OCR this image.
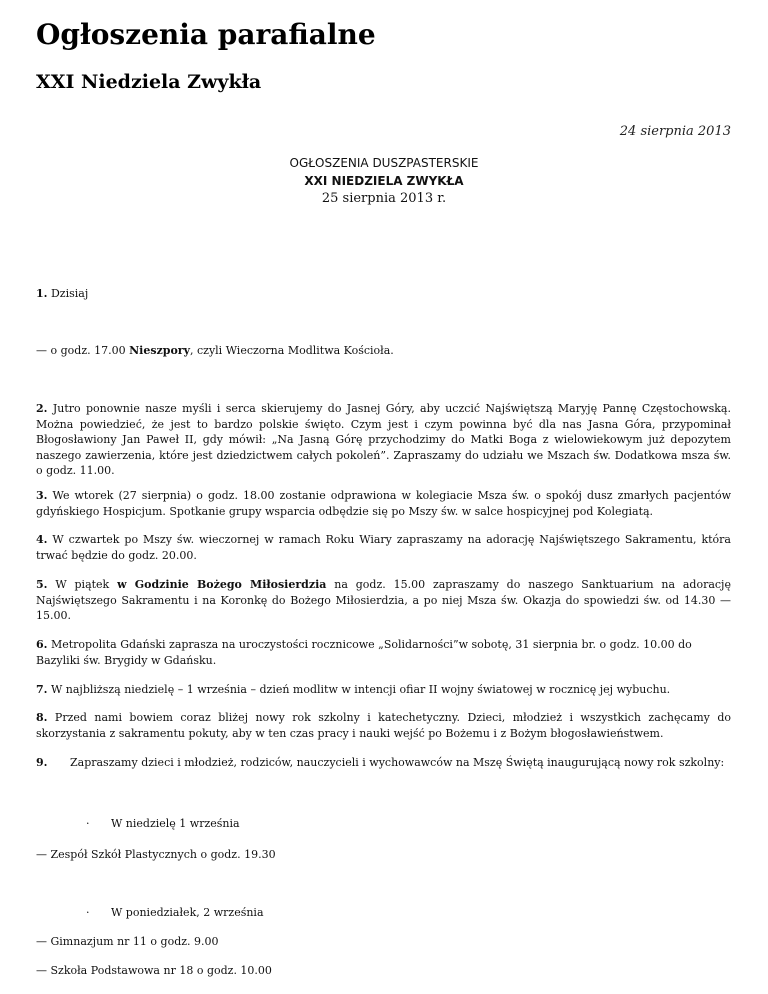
Ogłoszenia parafialne
XXI Niedziela Zwykła
24 sierpnia 2013
OGŁOSZENIA DUSZPASTERSKIE
XXI NIEDZIELA ZWYKŁA
25 sierpnia 2013 r.

1. Dzisiaj

— o godz. 17.00 Nieszpory, czyli Wieczorna Modlitwa Kościoła.

2. Jutro ponownie nasze myśli i serca skierujemy do Jasnej Góry, aby uczcić Najświętszą Maryję Pannę Częstochowską. Można powiedzieć, że jest to bardzo polskie święto. Czym jest i czym powinna być dla nas Jasna Góra, przypominał Błogosławiony Jan Paweł II, gdy mówił: „Na Jasną Górę przychodzimy do Matki Boga z wielowiekowym już depozytem naszego zawierzenia, które jest dziedzictwem całych pokoleń”. Zapraszamy do udziału we Mszach św. Dodatkowa msza św. o godz. 11.00.

3. We wtorek (27 sierpnia) o godz. 18.00 zostanie odprawiona w kolegiacie Msza św. o spokój dusz zmarłych pacjentów gdyńskiego Hospicjum. Spotkanie grupy wsparcia odbędzie się po Mszy św. w salce hospicyjnej pod Kolegiatą.

4. W czwartek po Mszy św. wieczornej w ramach Roku Wiary zapraszamy na adorację Najświętszego Sakramentu, która trwać będzie do godz. 20.00.

5. W piątek w Godzinie Bożego Miłosierdzia na godz. 15.00 zapraszamy do naszego Sanktuarium na adorację Najświętszego Sakramentu i na Koronkę do Bożego Miłosierdzia, a po niej Msza św. Okazja do spowiedzi św. od 14.30 — 15.00.

6. Metropolita Gdański zaprasza na uroczystości rocznicowe „Solidarności”w sobotę, 31 sierpnia br. o godz. 10.00 do Bazyliki św. Brygidy w Gdańsku.

7. W najbliższą niedzielę – 1 września – dzień modlitw w intencji ofiar II wojny światowej w rocznicę jej wybuchu.

8. Przed nami bowiem coraz bliżej nowy rok szkolny i katechetyczny. Dzieci, młodzież i wszystkich zachęcamy do skorzystania z sakramentu pokuty, aby w ten czas pracy i nauki wejść po Bożemu i z Bożym błogosławieństwem.

9. Zapraszamy dzieci i młodzież, rodziców, nauczycieli i wychowawców na Mszę Świętą inaugurującą nowy rok szkolny:
· W niedzielę 1 września
— Zespół Szkół Plastycznych o godz. 19.30
· W poniedziałek, 2 września
— Gimnazjum nr 11 o godz. 9.00
— Szkoła Podstawowa nr 18 o godz. 10.00
